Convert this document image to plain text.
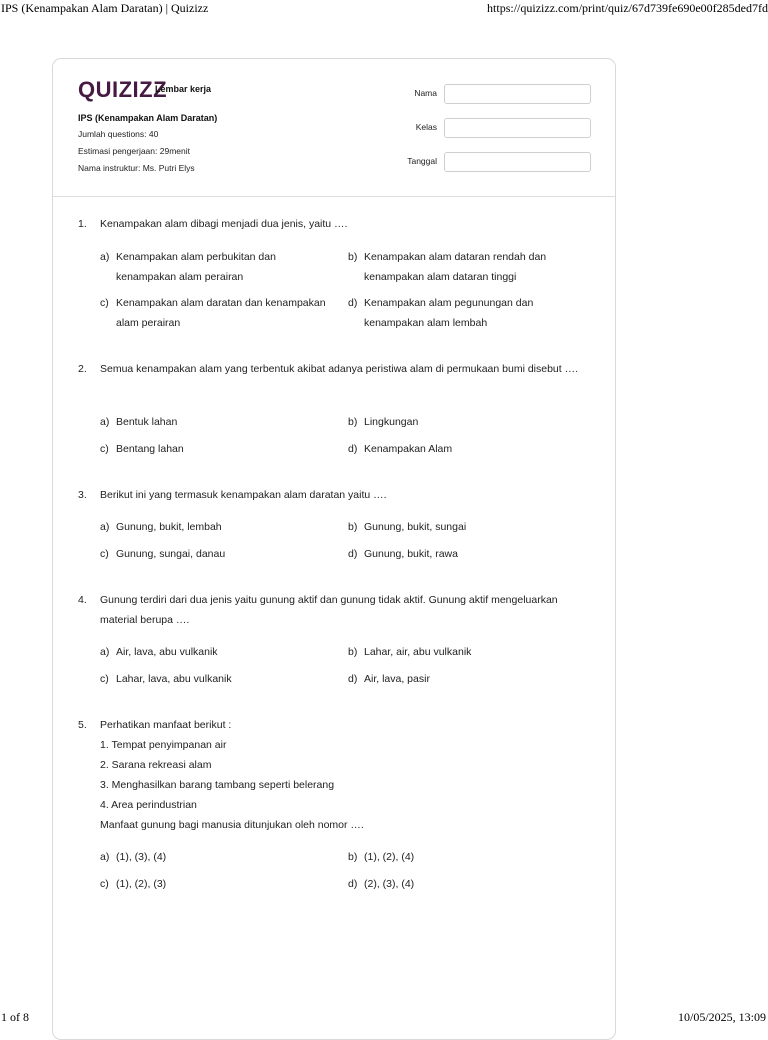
IPS (Kenampakan Alam Daratan) | Quizizz	https://quizizz.com/print/quiz/67d739fe690e00f285ded7fd
QUIZIZZ
Lembar kerja
IPS (Kenampakan Alam Daratan)
Jumlah questions: 40
Estimasi pengerjaan: 29menit
Nama instruktur: Ms. Putri Elys
Nama
Kelas
Tanggal
1. Kenampakan alam dibagi menjadi dua jenis, yaitu ….
a) Kenampakan alam perbukitan dan kenampakan alam perairan
b) Kenampakan alam dataran rendah dan kenampakan alam dataran tinggi
c) Kenampakan alam daratan dan kenampakan alam perairan
d) Kenampakan alam pegunungan dan kenampakan alam lembah
2. Semua kenampakan alam yang terbentuk akibat adanya peristiwa alam di permukaan bumi disebut ….
a) Bentuk lahan	b) Lingkungan
c) Bentang lahan	d) Kenampakan Alam
3. Berikut ini yang termasuk kenampakan alam daratan yaitu ….
a) Gunung, bukit, lembah	b) Gunung, bukit, sungai
c) Gunung, sungai, danau	d) Gunung, bukit, rawa
4. Gunung terdiri dari dua jenis yaitu gunung aktif dan gunung tidak aktif. Gunung aktif mengeluarkan material berupa ….
a) Air, lava, abu vulkanik	b) Lahar, air, abu vulkanik
c) Lahar, lava, abu vulkanik	d) Air, lava, pasir
5. Perhatikan manfaat berikut :
1. Tempat penyimpanan air
2. Sarana rekreasi alam
3. Menghasilkan barang tambang seperti belerang
4. Area perindustrian
Manfaat gunung bagi manusia ditunjukan oleh nomor ….
a) (1), (3), (4)	b) (1), (2), (4)
c) (1), (2), (3)	d) (2), (3), (4)
1 of 8	10/05/2025, 13:09
